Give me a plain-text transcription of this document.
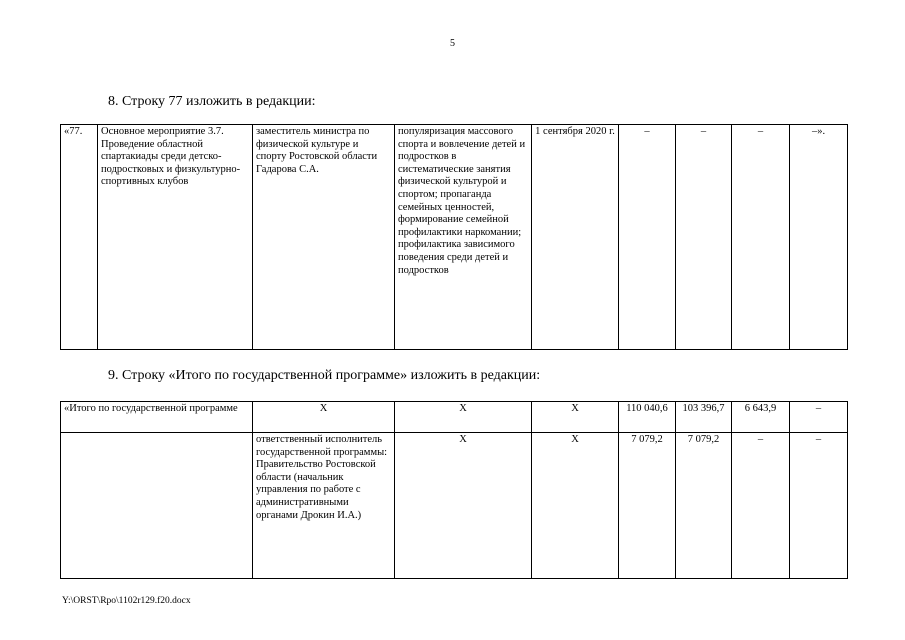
5
8. Строку 77 изложить в редакции:
«77.	Основное мероприятие 3.7. Проведение областной спартакиады среди детско-подростковых и физкультурно-спортивных клубов	заместитель министра по физической культуре и спорту Ростовской области Гадарова С.А.	популяризация массового спорта и вовлечение детей и подростков в систематические занятия физической культурой и спортом; пропаганда семейных ценностей, формирование семейной профилактики наркомании; профилактика зависимого поведения среди детей и подростков	1 сентября 2020 г.	–	–	–	–».
9. Строку «Итого по государственной программе» изложить в редакции:
«Итого по государственной программе	Х	Х	Х	110 040,6	103 396,7	6 643,9	–
	ответственный исполнитель государственной программы: Правительство Ростовской области (начальник управления по работе с административными органами Дрокин И.А.)	Х	Х	7 079,2	7 079,2	–	–
Y:\ORST\Rpo\1102r129.f20.docx
